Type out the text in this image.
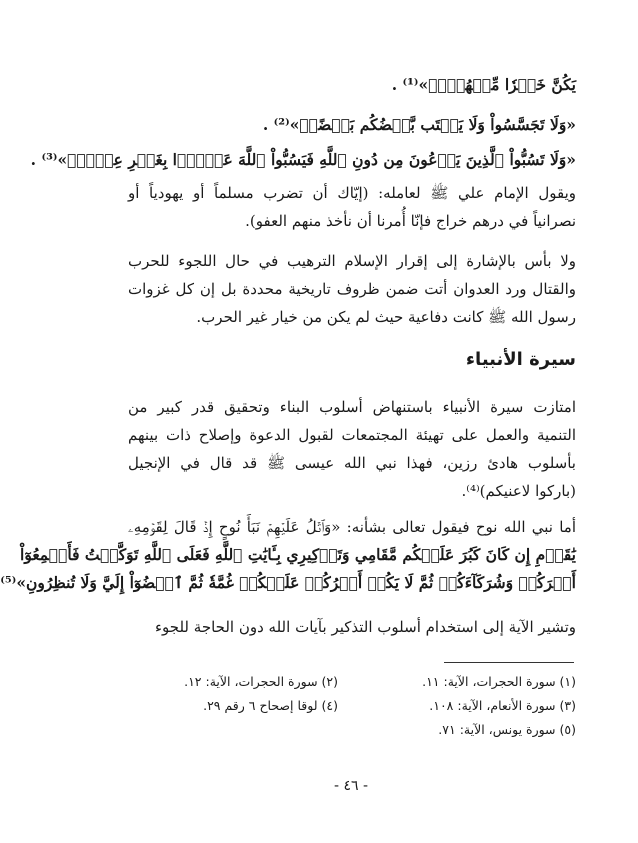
يَكُنَّ خَيۡرٗا مِّنۡهُنَّۖ»⁽¹⁾ .
«وَلَا تَجَسَّسُواْ وَلَا يَغۡتَب بَّعۡضُكُم بَعۡضًاۚ»⁽²⁾ .
«وَلَا تَسُبُّواْ ٱلَّذِينَ يَدۡعُونَ مِن دُونِ ٱللَّهِ فَيَسُبُّواْ ٱللَّهَ عَدۡوَۢا بِغَيۡرِ عِلۡمٖۗ»⁽³⁾ .
ويقول الإمام علي ﷺ لعامله: (إيّاك أن تضرب مسلماً أو يهودياً أو
نصرانياً في درهم خراج فإنّا أُمرنا أن نأخذ منهم العفو).
ولا بأس بالإشارة إلى إقرار الإسلام الترهيب في حال اللجوء للحرب
والقتال ورد العدوان أتت ضمن ظروف تاريخية محددة بل إن كل غزوات
رسول الله ﷺ كانت دفاعية حيث لم يكن من خيار غير الحرب.
سيرة الأنبياء
امتازت سيرة الأنبياء باستنهاض أسلوب البناء وتحقيق قدر كبير من
التنمية والعمل على تهيئة المجتمعات لقبول الدعوة وإصلاح ذات بينهم
بأسلوب هادئ رزين، فهذا نبي الله عيسى ﷺ قد قال في الإنجيل
(باركوا لاعنيكم)⁽⁴⁾.
أما نبي الله نوح فيقول تعالى بشأنه: «وَٱتۡلُ عَلَيۡهِمۡ نَبَأَ نُوحٍ إِذۡ قَالَ لِقَوۡمِهِۦ
يَٰقَوۡمِ إِن كَانَ كَبُرَ عَلَيۡكُم مَّقَامِي وَتَذۡكِيرِي بِـَٔايَٰتِ ٱللَّهِ فَعَلَى ٱللَّهِ تَوَكَّلۡتُ فَأَجۡمِعُوٓاْ
أَمۡرَكُمۡ وَشُرَكَآءَكُمۡ ثُمَّ لَا يَكُنۡ أَمۡرُكُمۡ عَلَيۡكُمۡ غُمَّةٗ ثُمَّ ٱقۡضُوٓاْ إِلَيَّ وَلَا تُنظِرُونِ»⁽⁵⁾
وتشير الآية إلى استخدام أسلوب التذكير بآيات الله دون الحاجة للجوء
(١) سورة الحجرات، الآية: ١١.
(٢) سورة الحجرات، الآية: ١٢.
(٣) سورة الأنعام، الآية: ١٠٨.
(٤) لوقا إصحاح ٦ رقم ٢٩.
(٥) سورة يونس، الآية: ٧١.
- ٤٦ -
